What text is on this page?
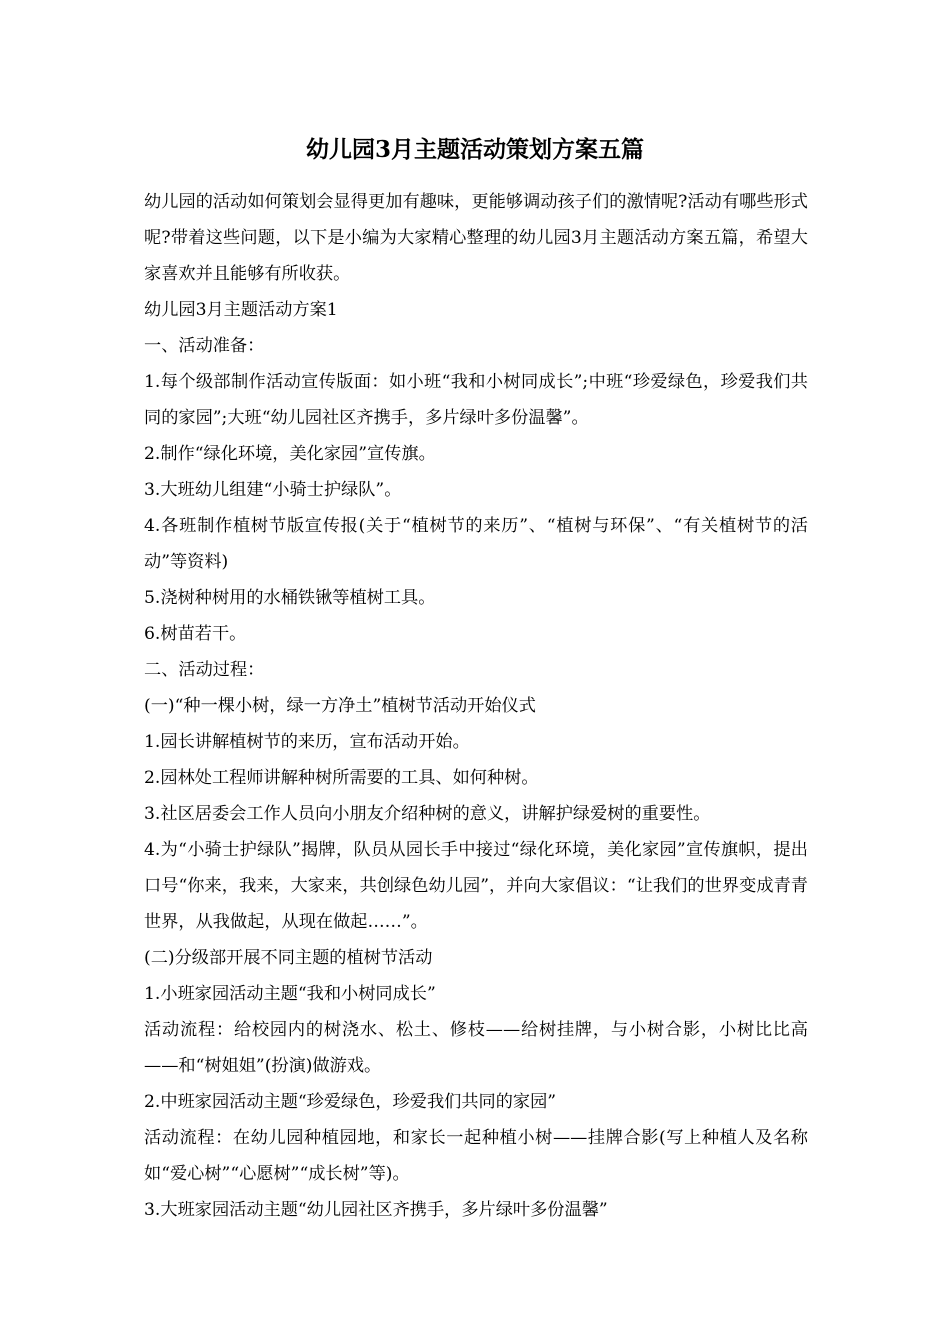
幼儿园3月主题活动策划方案五篇

幼儿园的活动如何策划会显得更加有趣味，更能够调动孩子们的激情呢?活动有哪些形式呢?带着这些问题，以下是小编为大家精心整理的幼儿园3月主题活动方案五篇，希望大家喜欢并且能够有所收获。

幼儿园3月主题活动方案1

一、活动准备：

1.每个级部制作活动宣传版面：如小班“我和小树同成长”;中班“珍爱绿色，珍爱我们共同的家园”;大班“幼儿园社区齐携手，多片绿叶多份温馨”。

2.制作“绿化环境，美化家园”宣传旗。

3.大班幼儿组建“小骑士护绿队”。

4.各班制作植树节版宣传报(关于“植树节的来历”、“植树与环保”、“有关植树节的活动”等资料)

5.浇树种树用的水桶铁锹等植树工具。

6.树苗若干。

二、活动过程：

(一)“种一棵小树，绿一方净土”植树节活动开始仪式

1.园长讲解植树节的来历，宣布活动开始。

2.园林处工程师讲解种树所需要的工具、如何种树。

3.社区居委会工作人员向小朋友介绍种树的意义，讲解护绿爱树的重要性。

4.为“小骑士护绿队”揭牌，队员从园长手中接过“绿化环境，美化家园”宣传旗帜，提出口号“你来，我来，大家来，共创绿色幼儿园”，并向大家倡议：“让我们的世界变成青青世界，从我做起，从现在做起……”。

(二)分级部开展不同主题的植树节活动

1.小班家园活动主题“我和小树同成长”

活动流程：给校园内的树浇水、松土、修枝——给树挂牌，与小树合影，小树比比高——和“树姐姐”(扮演)做游戏。

2.中班家园活动主题“珍爱绿色，珍爱我们共同的家园”

活动流程：在幼儿园种植园地，和家长一起种植小树——挂牌合影(写上种植人及名称如“爱心树”“心愿树”“成长树”等)。

3.大班家园活动主题“幼儿园社区齐携手，多片绿叶多份温馨”
